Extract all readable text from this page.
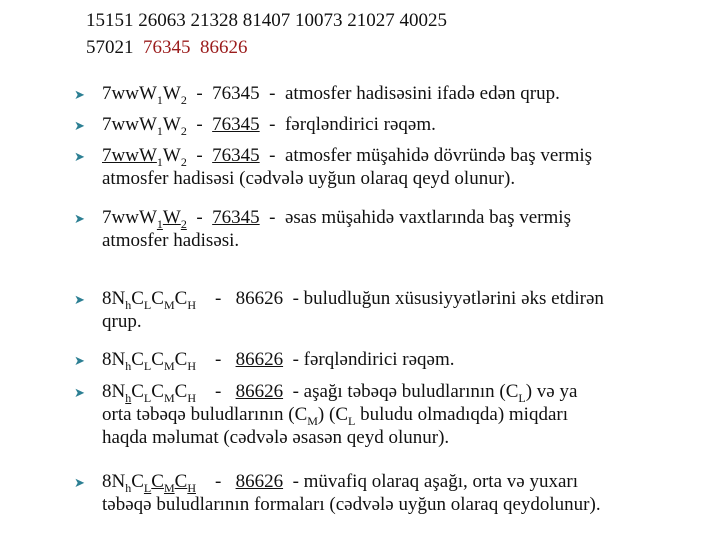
15151 26063 21328 81407 10073 21027 40025
57021 76345 86626
➤ $7wwW_1W_2 - 76345$ - atmosfer hadisəsini ifadə edən qrup.
➤ $7wwW_1W_2 - 76345$ - fərqləndirici rəqəm.
➤ $7wwW_1W_2 - 76345$ - atmosfer müşahidə dövründə baş vermiş
atmosfer hadisəsi (cədvələ uyğun olaraq qeyd olunur).
➤ $7wwW_1W_2 - 76345$ - əsas müşahidə vaxtlarında baş vermiş
atmosfer hadisəsi.
➤ $8N_hC_LC_MC_H - 86626$ - buludluğun xüsusiyyətlərini əks etdirən
qrup.
➤ $8N_hC_LC_MC_H - 86626$ - fərqləndirici rəqəm.
➤ $8N_hC_LC_MC_H - 86626$ - aşağı təbəqə buludlarının $(C_L)$ və ya
orta təbəqə buludlarının $(C_M)$ ($C_L$ buludu olmadıqda) miqdarı
haqda məlumat (cədvələ əsasən qeyd olunur).
➤ $8N_hC_LC_MC_H - 86626$ - müvafiq olaraq aşağı, orta və yuxarı
təbəqə buludlarının formaları (cədvələ uyğun olaraq qeydolunur).
